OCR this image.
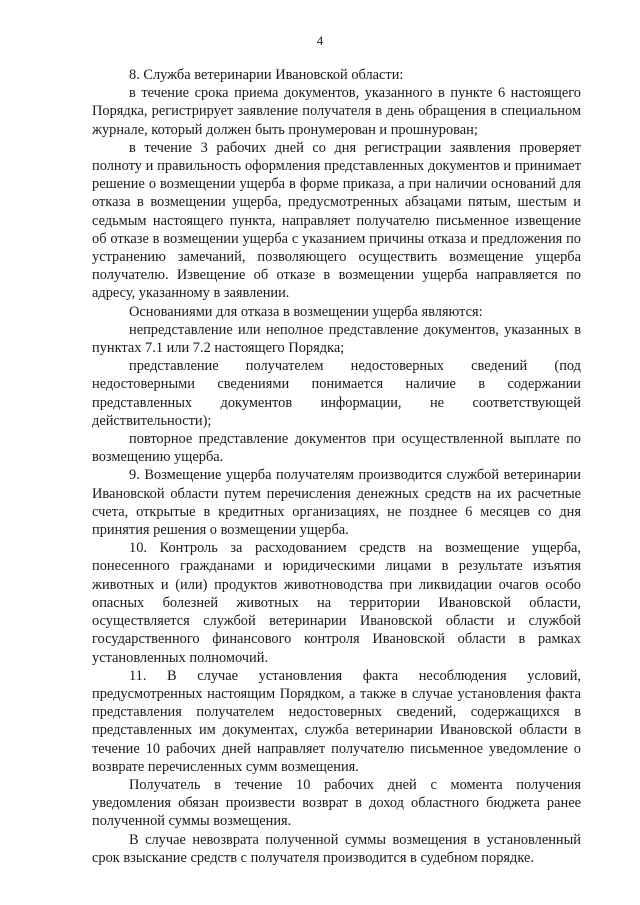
4

8. Служба ветеринарии Ивановской области:

в течение срока приема документов, указанного в пункте 6 настоящего Порядка, регистрирует заявление получателя в день обращения в специальном журнале, который должен быть пронумерован и прошнурован;

в течение 3 рабочих дней со дня регистрации заявления проверяет полноту и правильность оформления представленных документов и принимает решение о возмещении ущерба в форме приказа, а при наличии оснований для отказа в возмещении ущерба, предусмотренных абзацами пятым, шестым и седьмым настоящего пункта, направляет получателю письменное извещение об отказе в возмещении ущерба с указанием причины отказа и предложения по устранению замечаний, позволяющего осуществить возмещение ущерба получателю. Извещение об отказе в возмещении ущерба направляется по адресу, указанному в заявлении.

Основаниями для отказа в возмещении ущерба являются:

непредставление или неполное представление документов, указанных в пунктах 7.1 или 7.2 настоящего Порядка;

представление получателем недостоверных сведений (под недостоверными сведениями понимается наличие в содержании представленных документов информации, не соответствующей действительности);

повторное представление документов при осуществленной выплате по возмещению ущерба.

9. Возмещение ущерба получателям производится службой ветеринарии Ивановской области путем перечисления денежных средств на их расчетные счета, открытые в кредитных организациях, не позднее 6 месяцев со дня принятия решения о возмещении ущерба.

10. Контроль за расходованием средств на возмещение ущерба, понесенного гражданами и юридическими лицами в результате изъятия животных и (или) продуктов животноводства при ликвидации очагов особо опасных болезней животных на территории Ивановской области, осуществляется службой ветеринарии Ивановской области и службой государственного финансового контроля Ивановской области в рамках установленных полномочий.

11. В случае установления факта несоблюдения условий, предусмотренных настоящим Порядком, а также в случае установления факта представления получателем недостоверных сведений, содержащихся в представленных им документах, служба ветеринарии Ивановской области в течение 10 рабочих дней направляет получателю письменное уведомление о возврате перечисленных сумм возмещения.

Получатель в течение 10 рабочих дней с момента получения уведомления обязан произвести возврат в доход областного бюджета ранее полученной суммы возмещения.

В случае невозврата полученной суммы возмещения в установленный срок взыскание средств с получателя производится в судебном порядке.
